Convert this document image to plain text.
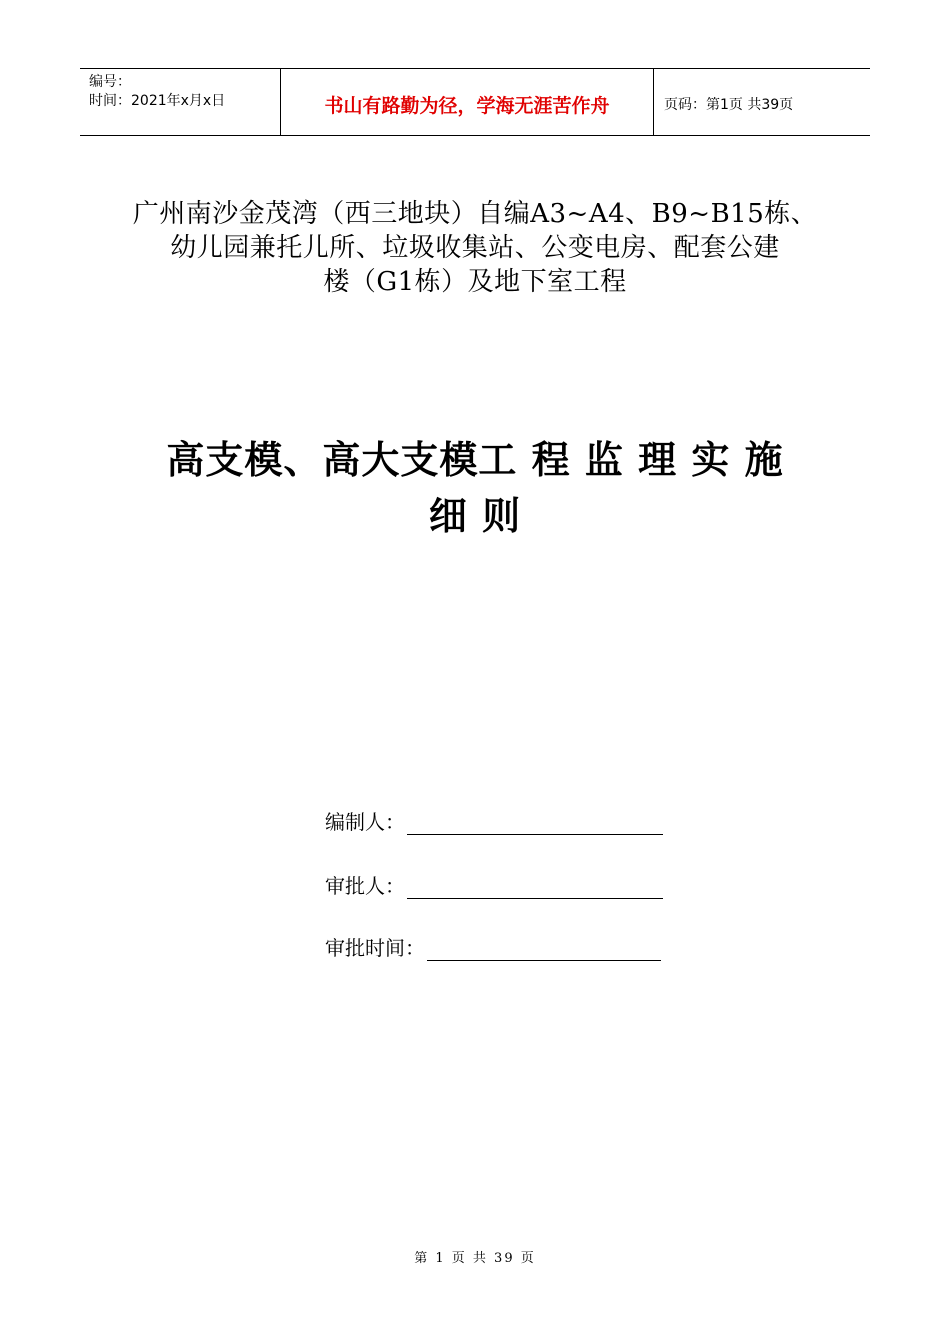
编号：
时间：2021年x月x日	书山有路勤为径，学海无涯苦作舟	页码：第1页 共39页
广州南沙金茂湾（西三地块）自编A3~A4、B9~B15栋、
幼儿园兼托儿所、垃圾收集站、公变电房、配套公建
楼（G1栋）及地下室工程
高支模、高大支模工 程 监 理 实 施
细 则
编制人：
审批人：
审批时间：
第 1 页 共 39 页
